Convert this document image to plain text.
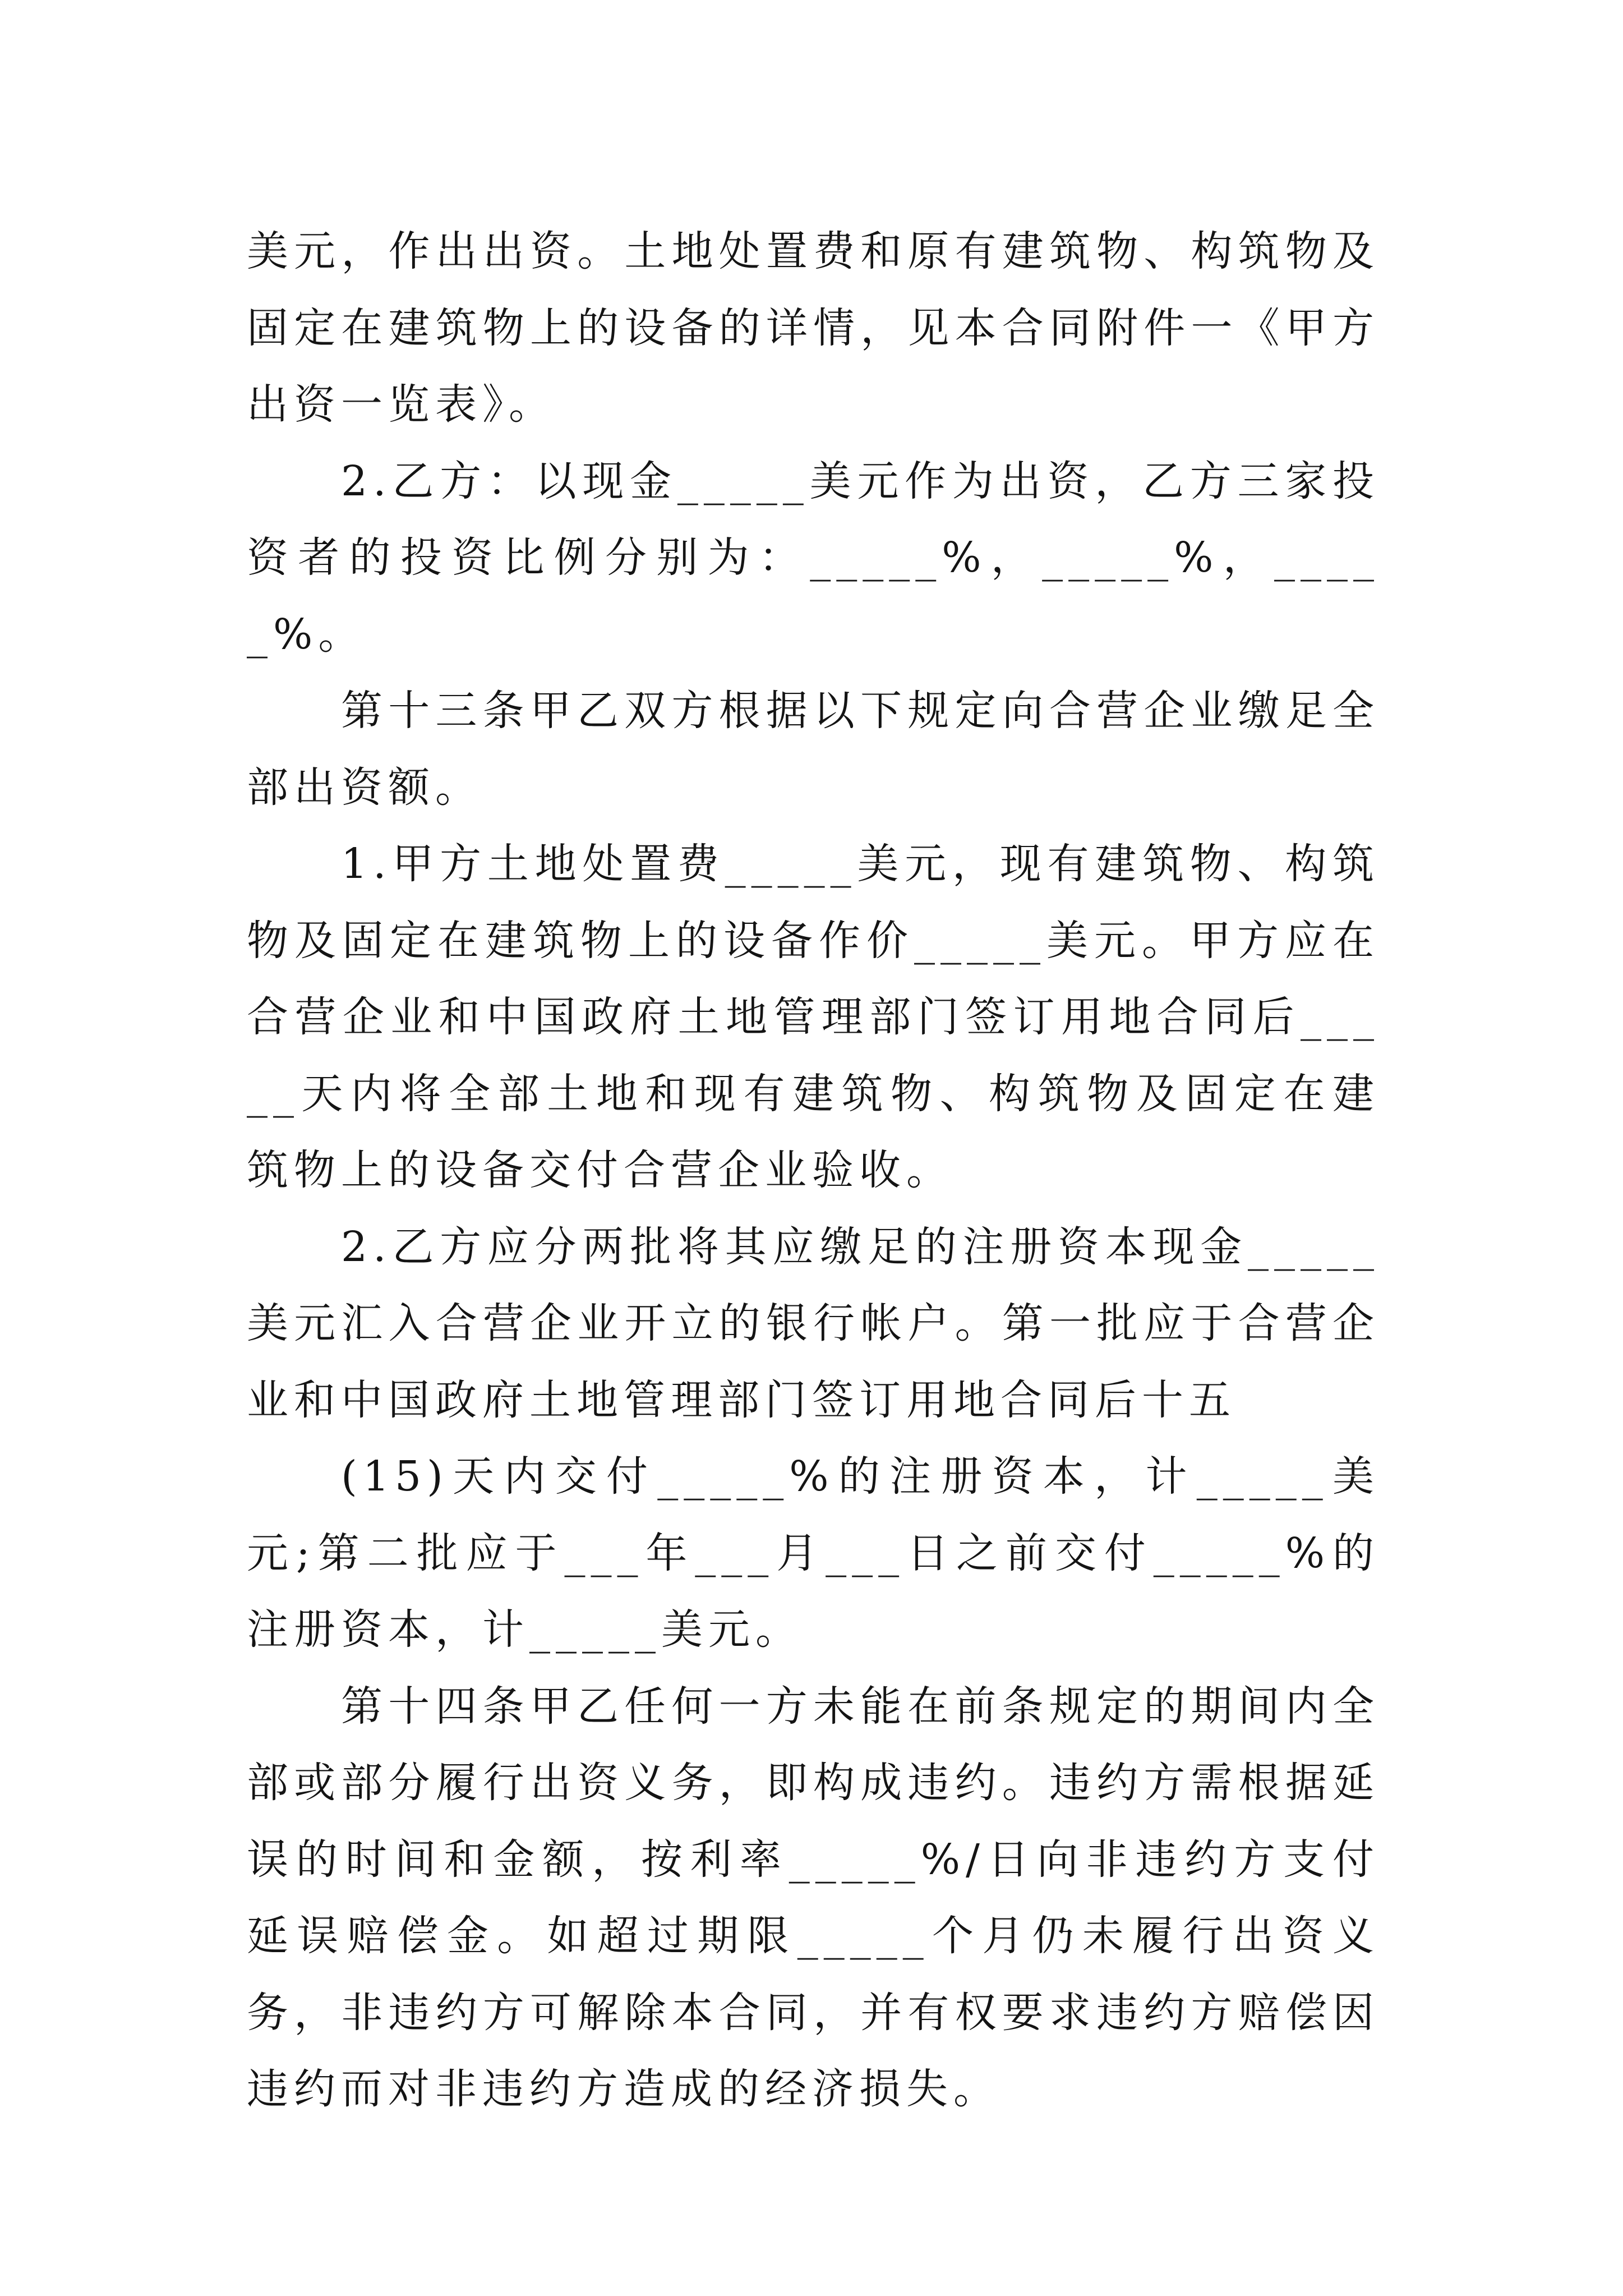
美元，作出出资。土地处置费和原有建筑物、构筑物及固定在建筑物上的设备的详情，见本合同附件一《甲方出资一览表》。

2.乙方：以现金_____美元作为出资，乙方三家投资者的投资比例分别为：_____%，_____%，_____%。

第十三条甲乙双方根据以下规定向合营企业缴足全部出资额。

1.甲方土地处置费_____美元，现有建筑物、构筑物及固定在建筑物上的设备作价_____美元。甲方应在合营企业和中国政府土地管理部门签订用地合同后_____天内将全部土地和现有建筑物、构筑物及固定在建筑物上的设备交付合营企业验收。

2.乙方应分两批将其应缴足的注册资本现金_____美元汇入合营企业开立的银行帐户。第一批应于合营企业和中国政府土地管理部门签订用地合同后十五

(15)天内交付_____%的注册资本，计_____美元;第二批应于___年___月___日之前交付_____%的注册资本，计_____美元。

第十四条甲乙任何一方未能在前条规定的期间内全部或部分履行出资义务，即构成违约。违约方需根据延误的时间和金额，按利率_____%/日向非违约方支付延误赔偿金。如超过期限_____个月仍未履行出资义务，非违约方可解除本合同，并有权要求违约方赔偿因违约而对非违约方造成的经济损失。
